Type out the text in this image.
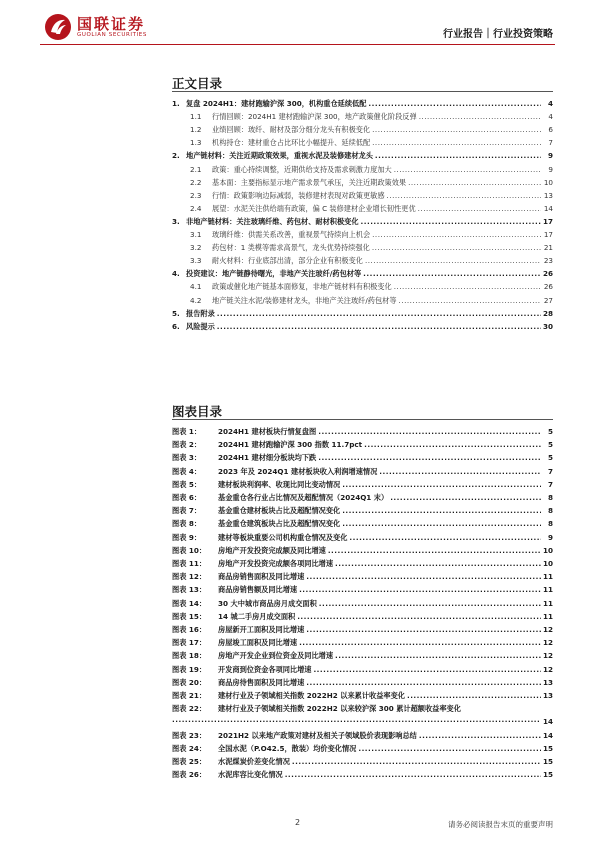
国联证券
GUOLIAN SECURITIES	行业报告｜行业投资策略
正文目录
1. 复盘 2024H1：建材跑输沪深 300，机构重仓延续低配 .....	4
1.1	行情回顾：2024H1 建材跑输沪深 300，地产政策催化阶段反弹 .....	4
1.2	业绩回顾：玻纤、耐材及部分细分龙头有积极变化 .....	6
1.3	机构持仓：建材重仓占比环比小幅提升、延续低配 .....	7
2. 地产链材料：关注近期政策效果，重视水泥及装修建材龙头 .....	9
2.1	政策：重心持续调整，近期供给支持及需求刺激力度加大 .....	9
2.2	基本面：主要指标显示地产需求景气承压，关注近期政策效果 .....	10
2.3	行情：政策影响边际减弱，装修建材表现对政策更敏感 .....	13
2.4	展望：水泥关注供给端有政策，偏 C 装修建材企业增长韧性更优 .....	14
3. 非地产链材料：关注玻璃纤维、药包材、耐材积极变化 .....	17
3.1	玻璃纤维：供需关系改善，重视景气持续向上机会 .....	17
3.2	药包材：1 类模等需求高景气，龙头优势持续强化 .....	21
3.3	耐火材料：行业底部出清，部分企业有积极变化 .....	23
4. 投资建议：地产链静待曙光，非地产关注玻纤/药包材等 .....	26
4.1	政策或催化地产链基本面修复，非地产链材料有积极变化 .....	26
4.2	地产链关注水泥/装修建材龙头，非地产关注玻纤/药包材等 .....	27
5. 报告附录 .....	28
6. 风险提示 .....	30
图表目录
图表 1：	2024H1 建材板块行情复盘图 .....	5
图表 2：	2024H1 建材跑输沪深 300 指数 11.7pct .....	5
图表 3：	2024H1 建材细分板块均下跌 .....	5
图表 4：	2023 年及 2024Q1 建材板块收入利润增速情况 .....	7
图表 5：	建材板块利润率、收现比同比变动情况 .....	7
图表 6：	基金重仓各行业占比情况及超配情况（2024Q1 末） .....	8
图表 7：	基金重仓建材板块占比及超配情况变化 .....	8
图表 8：	基金重仓建筑板块占比及超配情况变化 .....	8
图表 9：	建材等板块重要公司机构重仓情况及变化 .....	9
图表 10：	房地产开发投资完成额及同比增速 .....	10
图表 11：	房地产开发投资完成额各项同比增速 .....	10
图表 12：	商品房销售面积及同比增速 .....	11
图表 13：	商品房销售额及同比增速 .....	11
图表 14：	30 大中城市商品房月成交面积 .....	11
图表 15：	14 城二手房月成交面积 .....	11
图表 16：	房屋新开工面积及同比增速 .....	12
图表 17：	房屋竣工面积及同比增速 .....	12
图表 18：	房地产开发企业到位资金及同比增速 .....	12
图表 19：	开发商到位资金各项同比增速 .....	12
图表 20：	商品房待售面积及同比增速 .....	13
图表 21：	建材行业及子领域相关指数 2022H2 以来累计收益率变化 .....	13
图表 22：	建材行业及子领域相关指数 2022H2 以来较沪深 300 累计超额收益率变化
.....
14
图表 23：	2021H2 以来地产政策对建材及相关子领域股价表现影响总结 .....	14
图表 24：	全国水泥（P.O42.5，散装）均价变化情况 .....	15
图表 25：	水泥煤炭价差变化情况 .....	15
图表 26：	水泥库容比变化情况 .....	15
2	请务必阅读报告末页的重要声明
